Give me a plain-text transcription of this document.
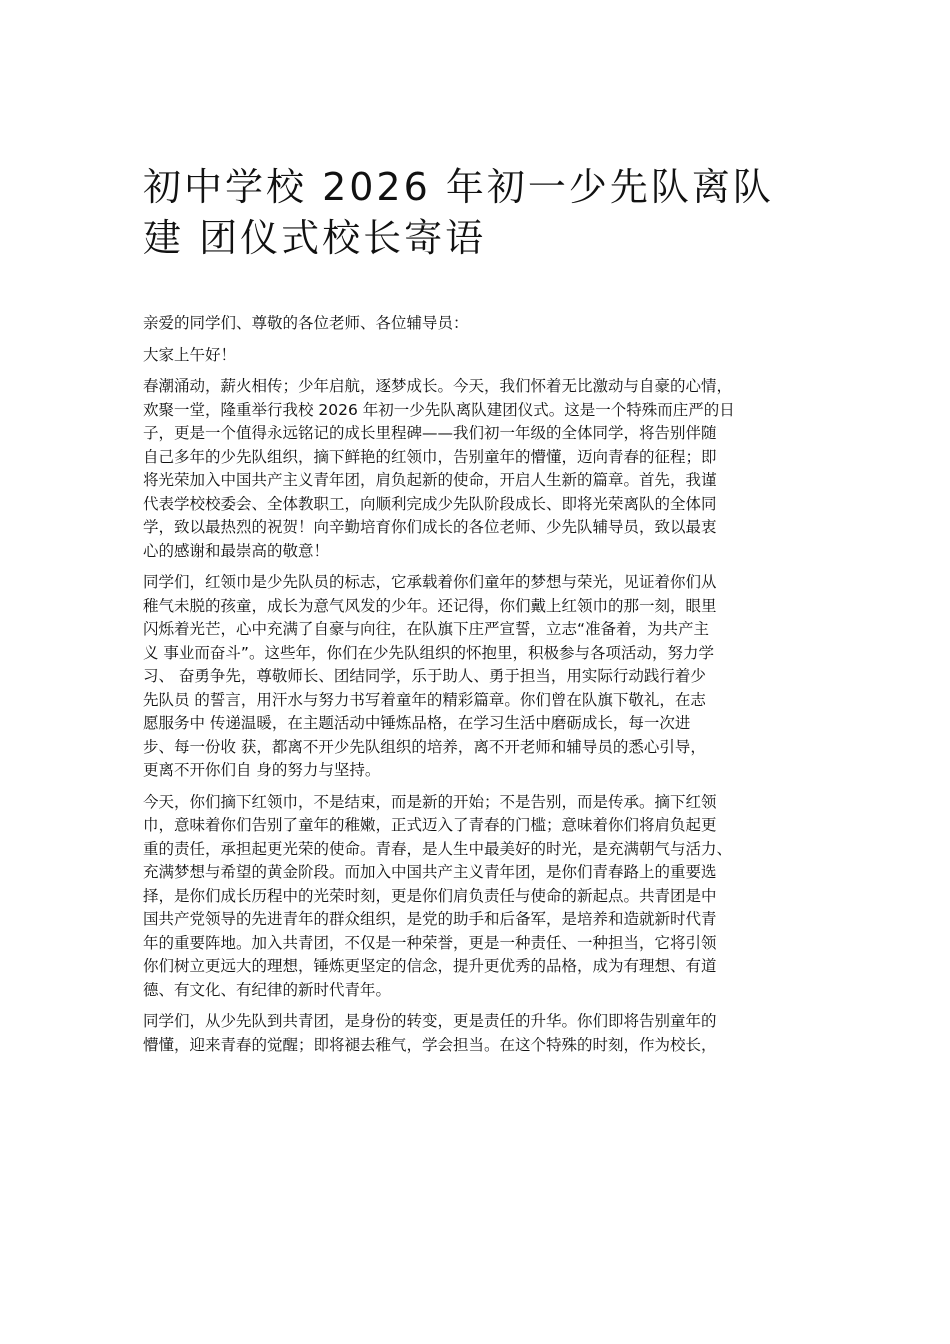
初中学校 2026 年初一少先队离队
建 团仪式校长寄语

亲爱的同学们、尊敬的各位老师、各位辅导员：

大家上午好！

春潮涌动，薪火相传；少年启航，逐梦成长。今天，我们怀着无比激动与自豪的心情，
欢聚一堂，隆重举行我校 2026 年初一少先队离队建团仪式。这是一个特殊而庄严的日
子，更是一个值得永远铭记的成长里程碑——我们初一年级的全体同学，将告别伴随
自己多年的少先队组织，摘下鲜艳的红领巾，告别童年的懵懂，迈向青春的征程；即
将光荣加入中国共产主义青年团，肩负起新的使命，开启人生新的篇章。首先，我谨
代表学校校委会、全体教职工，向顺利完成少先队阶段成长、即将光荣离队的全体同
学，致以最热烈的祝贺！向辛勤培育你们成长的各位老师、少先队辅导员，致以最衷
心的感谢和最崇高的敬意！

同学们，红领巾是少先队员的标志，它承载着你们童年的梦想与荣光，见证着你们从
稚气未脱的孩童，成长为意气风发的少年。还记得，你们戴上红领巾的那一刻，眼里
闪烁着光芒，心中充满了自豪与向往，在队旗下庄严宣誓，立志“准备着，为共产主
义 事业而奋斗”。这些年，你们在少先队组织的怀抱里，积极参与各项活动，努力学
习、 奋勇争先，尊敬师长、团结同学，乐于助人、勇于担当，用实际行动践行着少
先队员 的誓言，用汗水与努力书写着童年的精彩篇章。你们曾在队旗下敬礼，在志
愿服务中 传递温暖，在主题活动中锤炼品格，在学习生活中磨砺成长，每一次进
步、每一份收 获，都离不开少先队组织的培养，离不开老师和辅导员的悉心引导，
更离不开你们自 身的努力与坚持。

今天，你们摘下红领巾，不是结束，而是新的开始；不是告别，而是传承。摘下红领
巾，意味着你们告别了童年的稚嫩，正式迈入了青春的门槛；意味着你们将肩负起更
重的责任，承担起更光荣的使命。青春，是人生中最美好的时光，是充满朝气与活力、
充满梦想与希望的黄金阶段。而加入中国共产主义青年团，是你们青春路上的重要选
择，是你们成长历程中的光荣时刻，更是你们肩负责任与使命的新起点。共青团是中
国共产党领导的先进青年的群众组织，是党的助手和后备军，是培养和造就新时代青
年的重要阵地。加入共青团，不仅是一种荣誉，更是一种责任、一种担当，它将引领
你们树立更远大的理想，锤炼更坚定的信念，提升更优秀的品格，成为有理想、有道
德、有文化、有纪律的新时代青年。

同学们，从少先队到共青团，是身份的转变，更是责任的升华。你们即将告别童年的
懵懂，迎来青春的觉醒；即将褪去稚气，学会担当。在这个特殊的时刻，作为校长，
